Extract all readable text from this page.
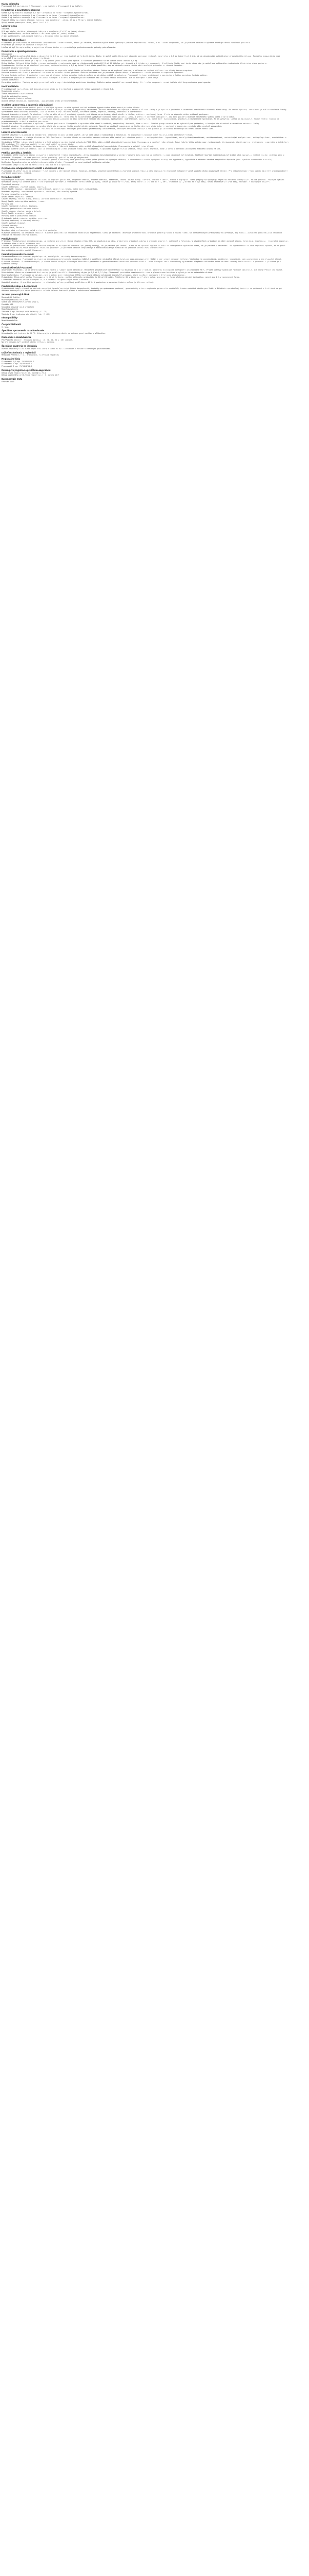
Názov prípravku

Fluzepamil 0,5 mg tablety / Fluzepamil 1 mg tablety / Fluzepamil 2 mg tablety

Kvalitatívne a kvantitatívne zloženie

Každá 0,5 mg tableta obsahuje 0,5 mg fluzepamilu vo forme fluzepamil-hydrochloridu.

Každá 1 mg tableta obsahuje 1 mg fluzepamilu vo forme fluzepamil-hydrochloridu.

Každá 2 mg tableta obsahuje 2 mg fluzepamilu vo forme fluzepamil-hydrochloridu.

Pomocné látky so známym účinkom: laktóza (ako monohydrát) 48 mg, 47 mg a 95 mg v jednej tablete.

Úplný zoznam pomocných látok, pozri časť 6.1.

Lieková forma

Tableta.

0,5 mg: biela, okrúhla, bikonvexná tableta s označením „F 0,5“ na jednej strane.

1 mg: svetloružová, okrúhla tableta s deliacou ryhou na jednej strane.

2 mg: svetlomodrá, podlhovastá tableta s deliacou ryhou na oboch stranách.

Terapeutické indikácie

Fluzepamil je indikovaný na krátkodobú symptomatickú liečbu úzkosti, ktorá je závažná, invalidizujúca alebo vystavuje jedinca neprimeranej záťaži, a na liečbu nespavosti, ak je porucha závažná a výrazne zhoršuje dennú funkčnosť pacienta.

Prípravok je určený na použitie u dospelých.

Liečba má byť čo najkratšia, s najnižšou účinnou dávkou a s pravidelným prehodnocovaním potreby pokračovania.

Dávkovanie a spôsob podávania

Dávkovanie

Úzkosť: Zvyčajná počiatočná dávka u dospelých je 0,5 mg až 1 mg dvakrát až trikrát denne. Dávku je možné podľa klinickej odpovede postupne zvyšovať, spravidla o 0,5 mg každé 3 až 4 dni, až do dosiahnutia optimálneho terapeutického účinku. Maximálna denná dávka nemá prekročiť 6 mg rozdelených do viacerých dávok.

Nespavosť: Odporúčaná dávka je 1 mg až 2 mg podaná jednorazovo pred spaním. U starších pacientov sa má liečba začať dávkou 0,5 mg.

Dĺžka liečby: Celková dĺžka liečby vrátane postupného vysadzovania nemá vo všeobecnosti prekročiť 8 až 12 týždňov pri úzkosti a 4 týždne pri nespavosti. Predĺženie liečby nad tento rámec nie je možné bez opätovného zhodnotenia klinického stavu pacienta.

Vysadzovanie: Liečba sa má ukončovať postupne, znižovaním dávky o 0,5 mg každé 3 dni alebo pomalšie, aby sa minimalizovalo riziko abstinenčných príznakov a rebound fenoménu.

Osobitné skupiny pacientov

Starší pacienti: U starších a oslabených pacientov sa odporúča začať liečbu polovičnou dávkou. Dávka sa má zvyšovať opatrne, s ohľadom na zvýšenú citlivosť na účinky benzodiazepínov.

Porucha funkcie obličiek: U pacientov s miernou až stredne ťažkou poruchou funkcie obličiek nie je potrebná úprava dávky. U pacientov s ťažkou poruchou sa odporúča opatrnosť.

Porucha funkcie pečene: U pacientov s miernou až stredne ťažkou poruchou funkcie pečene sa má dávka znížiť na polovicu. Fluzepamil je kontraindikovaný u pacientov s ťažkou poruchou funkcie pečene.

Pediatrická populácia: Bezpečnosť a účinnosť fluzepamilu u detí a dospievajúcich mladších ako 18 rokov neboli stanovené. Nie sú dostupné žiadne údaje.

Spôsob podávania

Perorálne použitie. Tablety sa majú prehltnúť celé a zapiť dostatočným množstvom tekutiny. Tabletu možno rozdeliť na rovnaké dávky. Pri liečbe nespavosti sa má tableta užiť bezprostredne pred spaním.

Kontraindikácie

Precitlivenosť na liečivo, iné benzodiazepíny alebo na ktorúkoľvek z pomocných látok uvedených v časti 6.1.

Myasthenia gravis.

Ťažká respiračná insuficiencia.

Syndróm spánkového apnoe.

Ťažká porucha funkcie pečene.

Akútna otrava alkoholom, hypnotikami, analgetikami alebo psychofarmakami.

Osobitné upozornenia a opatrenia pri používaní

Tolerancia: Po opakovanom použití počas niekoľkých týždňov sa môže vyvinúť určité zníženie hypnotického alebo anxiolytického účinku.

Závislosť: Používanie benzodiazepínov môže viesť k rozvoju fyzickej a psychickej závislosti. Riziko závislosti sa zvyšuje s dávkou a dĺžkou liečby a je vyššie u pacientov s anamnézou zneužívania alkoholu alebo drog. Po vzniku fyzickej závislosti je náhle ukončenie liečby sprevádzané abstinenčnými príznakmi, ako sú bolesti hlavy, bolesti svalov, extrémna úzkosť, napätie, nepokoj, zmätenosť a podráždenosť.

Rebound insomnia a úzkosť: Po ukončení liečby sa môže objaviť prechodný syndróm, pri ktorom sa príznaky, ktoré viedli k liečbe, vrátia v zosilnenej forme. Preto sa odporúča dávku znižovať postupne.

Amnézia: Benzodiazepíny môžu vyvolať anterográdnu amnéziu. Tento stav sa najčastejšie vyskytuje niekoľko hodín po užití lieku, a preto je potrebné zabezpečiť, aby mali pacienti možnosť nerušeného spánku počas 7 až 8 hodín.

Psychiatrické a paradoxné reakcie: Pri používaní benzodiazepínov sa môžu vyskytnúť reakcie ako nepokoj, agitovanosť, podráždenosť, agresivita, nočné mory, halucinácie, psychózy a neprimerané správanie. Ak sa vyskytnú, liečba sa má ukončiť. Výskyt týchto reakcií je pravdepodobnejší u detí a starších pacientov.

Riziko pri súbežnom používaní s opioidmi: Súbežné používanie fluzepamilu a opioidov môže viesť k sedácii, respiračnej depresii, kóme a smrti. Súbežné predpisovanie sa má vyhradiť pre pacientov, u ktorých nie sú možné alternatívne možnosti liečby.

Osobitné skupiny: Benzodiazepíny sa neodporúčajú ako primárna liečba psychotických ochorení. Nemajú sa používať samostatne na liečbu depresie alebo úzkosti spojenej s depresiou, pretože môžu vyvolať samovraždu.

Laktóza: Tento liek obsahuje laktózu. Pacienti so zriedkavými dedičnými problémami galaktózovej intolerancie, celkovým deficitom laktázy alebo glukózo-galaktózovou malabsorpciou nesmú užívať tento liek.

Liekové a iné interakcie

Súbežné užívanie s alkoholom sa neodporúča. Sedatívny účinok sa môže zvýšiť, ak sa liek užíva v kombinácii s alkoholom, čo ovplyvňuje schopnosť viesť vozidlá alebo obsluhovať stroje.

Kombinácia s látkami s tlmivým účinkom na CNS: Zosilnenie tlmivého účinku na centrálnu nervovú sústavu môže nastať pri súbežnom použití s antipsychotikami, hypnotikami, anxiolytikami/sedatívami, antidepresívami, narkotickými analgetikami, antiepileptikami, anestetikami a sedatívnymi antihistaminikami.

Inhibítory CYP3A4: Látky, ktoré inhibujú určité pečeňové enzýmy (najmä cytochróm P450 3A4), môžu zvýšiť plazmatické koncentrácie fluzepamilu a zosilniť jeho účinok. Medzi takéto látky patria napr. ketokonazol, itrakonazol, klaritromycín, erytromycín, cimetidín a inhibítory HIV proteázy. Pri súbežnom použití je potrebné zvážiť zníženie dávky.

Induktory CYP3A4: Rifampicín, karbamazepín, fenytoín a ľubovník bodkovaný môžu znížiť plazmatické koncentrácie fluzepamilu a oslabiť jeho účinok.

Opioidy: Súbežné použitie sedatív, ako sú benzodiazepíny alebo príbuzné lieky ako fluzepamil, s opioidmi zvyšuje riziko sedácie, respiračnej depresie, kómy a smrti v dôsledku aditívneho tlmivého účinku na CNS.

Fertilita, gravidita a laktácia

Gravidita: Veľké množstvo údajov získaných z kohortových štúdií nepreukázalo, že by expozícia benzodiazepínom v prvom trimestri bola spojená so zvýšeným rizikom závažných malformácií. Niektoré skoršie epidemiologické štúdie však naznačili zvýšené riziko rázštepu pery a podnebia. Fluzepamil sa nemá používať počas gravidity, pokiaľ to nie je nevyhnutné.

Ak sa z vážnych zdravotných dôvodov fluzepamil podáva v neskorej fáze gravidity alebo počas pôrodu vo vysokých dávkach, u novorodenca sa môžu vyskytnúť účinky ako hypotermia, hypotónia a stredne závažná respiračná depresia (tzv. syndróm ochabnutého dieťaťa).

Dojčenie: Benzodiazepíny sa vylučujú do materského mlieka. Fluzepamil sa nemá podávať dojčiacim matkám.

Fertilita: Údaje o vplyve na fertilitu u ľudí nie sú k dispozícii.

Ovplyvnenie schopnosti viesť vozidlá a obsluhovať stroje

Fluzepamil má veľký vplyv na schopnosť viesť vozidlá a obsluhovať stroje. Sedácia, amnézia, znížená koncentrácia a zhoršená svalová funkcia môžu nepriaznivo ovplyvniť schopnosť viesť vozidlá alebo obsluhovať stroje. Pri nedostatočnom trvaní spánku môže byť pravdepodobnosť zhoršenej pozornosti zvýšená.

Nežiaduce účinky

Najčastejšie hlásenými nežiaducimi účinkami sú ospalosť počas dňa, otupenosť emócií, znížená bdelosť, zmätenosť, únava, bolesť hlavy, závraty, svalová slabosť, ataxia a diplopia. Tieto prejavy sa vyskytujú najmä na začiatku liečby a pri ďalšom podávaní zvyčajne vymiznú.

Nežiaduce účinky sú uvedené podľa tried orgánových systémov a frekvencie: veľmi časté (≥ 1/10), časté (≥ 1/100 až < 1/10), menej časté (≥ 1/1 000 až < 1/100), zriedkavé (≥ 1/10 000 až < 1/1 000), veľmi zriedkavé (< 1/10 000), neznáme (z dostupných údajov).

Psychické poruchy

Časté: zmätenosť, znížené libido, depresia.

Menej časté: nepokoj, agitovanosť, podráždenosť, agresivita, bludy, nočné mory, halucinácie.

Neznáme: psychózy, neprimerané správanie, závislosť, abstinenčný syndróm.

Poruchy nervového systému

Veľmi časté: ospalosť, sedácia.

Časté: závraty, bolesť hlavy, ataxia, porucha koordinácie, dysartria.

Menej časté: anterográdna amnézia, tremor.

Poruchy oka

Časté: rozmazané videnie, diplopia.

Poruchy gastrointestinálneho traktu

Časté: nauzea, zápcha, sucho v ústach.

Menej časté: vracanie, hnačka.

Poruchy kože a podkožného tkaniva

Zriedkavé: kožné reakcie, vyrážka, pruritus.

Poruchy kostrovej a svalovej sústavy

Časté: svalová slabosť.

Celkové poruchy

Časté: únava, asténia.

Neznáme: pády a zlomeniny, najmä u starších pacientov.

Hlásenie podozrení na nežiaduce reakcie: Hlásenie podozrení na nežiaduce reakcie po registrácii lieku je dôležité. Umožňuje priebežné monitorovanie pomeru prínosu a rizika lieku. Od zdravotníckych pracovníkov sa vyžaduje, aby hlásili akékoľvek podozrenia na nežiaduce reakcie na národné centrum hlásení.

Predávkovanie

Príznaky: Predávkovanie benzodiazepínmi sa zvyčajne prejavuje rôznym stupňom útlmu CNS, od ospalosti po kómu. V miernych prípadoch zahŕňajú príznaky ospalosť, zmätenosť a letargiu. V závažnejších prípadoch sa môže objaviť ataxia, hypotónia, hypotenzia, respiračná depresia, zriedkavo kóma a veľmi zriedkavo smrť.

Liečba: Po predávkovaní perorálnymi benzodiazepínmi sa má vyvolať vracanie (do jednej hodiny), ak je pacient pri vedomí, alebo sa má vykonať výplach žalúdka so zabezpečením dýchacích ciest, ak je pacient v bezvedomí. Ak vyprázdnenie žalúdka neprináša výhodu, má sa podať aktívne uhlie na zníženie absorpcie. Osobitnú pozornosť je potrebné venovať respiračným a kardiovaskulárnym funkciám na jednotke intenzívnej starostlivosti.

Ako antidotum sa môže použiť flumazenil.

Farmakodynamické vlastnosti

Farmakoterapeutická skupina: psycholeptiká, anxiolytiká, deriváty benzodiazepínu.

Mechanizmus účinku: Fluzepamil sa viaže na benzodiazepínové miesto receptora GABA-A a zosilňuje inhibičný účinok kyseliny gama-aminomaslovej (GABA) v centrálnej nervovej sústave. Výsledkom je anxiolytický, sedatívny, hypnotický, antikonvulzívny a myorelaxačný účinok.

Klinická účinnosť: V randomizovaných, placebom kontrolovaných klinických štúdiách u pacientov s generalizovanou úzkostnou poruchou viedla liečba fluzepamilom k štatisticky významnému zlepšeniu celkového skóre na Hamiltonovej škále úzkosti v porovnaní s placebom po 4 týždňoch liečby.

Farmakokinetické vlastnosti

Absorpcia: Fluzepamil sa po perorálnom podaní rýchlo a takmer úplne absorbuje. Maximálne plazmatické koncentrácie sa dosahujú za 1 až 2 hodiny. Absolútna biologická dostupnosť je približne 90 %. Príjem potravy spomaľuje rýchlosť absorpcie, ale neovplyvňuje jej rozsah.

Distribúcia: Väzba na plazmatické bielkoviny je približne 85 %. Distribučný objem je 0,9 až 1,2 l/kg. Fluzepamil prechádza hematoencefalickou a placentárnou bariérou a vylučuje sa do materského mlieka.

Biotransformácia: Fluzepamil sa metabolizuje v pečeni prostredníctvom CYP3A4 na hlavný aktívny metabolit desmetylfluzepamil, ktorý sa ďalej konjuguje s kyselinou glukurónovou.

Eliminácia: Eliminačný polčas fluzepamilu je 10 až 14 hodín, polčas aktívneho metabolitu je 18 až 24 hodín. Približne 80 % dávky sa vylučuje močom, prevažne vo forme glukuronidových konjugátov, menej ako 1 % v nezmenenej forme.

Linearita: Farmakokinetika fluzepamilu je v rozmedzí terapeutických dávok lineárna.

Osobitné skupiny: U starších pacientov je eliminačný polčas predĺžený približne o 40 %. U pacientov s poruchou funkcie pečene je klírens znížený.

Predklinické údaje o bezpečnosti

Predklinické údaje získané na základe obvyklých farmakologických štúdií bezpečnosti, toxicity po opakovanom podávaní, genotoxicity a karcinogénneho potenciálu neodhalili žiadne osobitné riziko pre ľudí. V štúdiách reprodukčnej toxicity na potkanoch a králikoch sa pri dávkach toxických pre matku pozorovala znížená telesná hmotnosť plodov a oneskorená osifikácia.

Zoznam pomocných látok

Monohydrát laktózy

Mikrokryštalická celulóza

Sodná soľ karboxymetylškrobu (typ A)

Povidón K30

Koloidný bezvodý oxid kremičitý

Magnéziumstearát

Tableta 1 mg: červený oxid železitý (E 172)

Tableta 2 mg: indigokarmín hlinitý lak (E 132)

Inkompatibility

Neaplikovateľné.

Čas použiteľnosti

3 roky.

Špeciálne upozornenia na uchovávanie

Uchovávajte pri teplote do 25 °C. Uchovávajte v pôvodnom obale na ochranu pred svetlom a vlhkosťou.

Druh obalu a obsah balenia

PVC/PVDC/Al blister. Veľkosti balenia: 10, 20, 30, 50 a 100 tabliet.

Na trh nemusia byť uvedené všetky veľkosti balenia.

Špeciálne opatrenia na likvidáciu

Všetok nepoužitý liek alebo odpad vzniknutý z lieku sa má zlikvidovať v súlade s národnými požiadavkami.

Držiteľ rozhodnutia o registrácii

Medivita Pharma s.r.o., Bratislava, Slovenská republika

Registračné čísla

Fluzepamil 0,5 mg: 70/0412/14-S

Fluzepamil 1 mg: 70/0413/14-S

Fluzepamil 2 mg: 70/0414/14-S

Dátum prvej registrácie/predĺženia registrácie

Dátum prvej registrácie: 12. novembra 2014

Dátum posledného predĺženia registrácie: 3. apríla 2019

Dátum revízie textu

Február 2023
